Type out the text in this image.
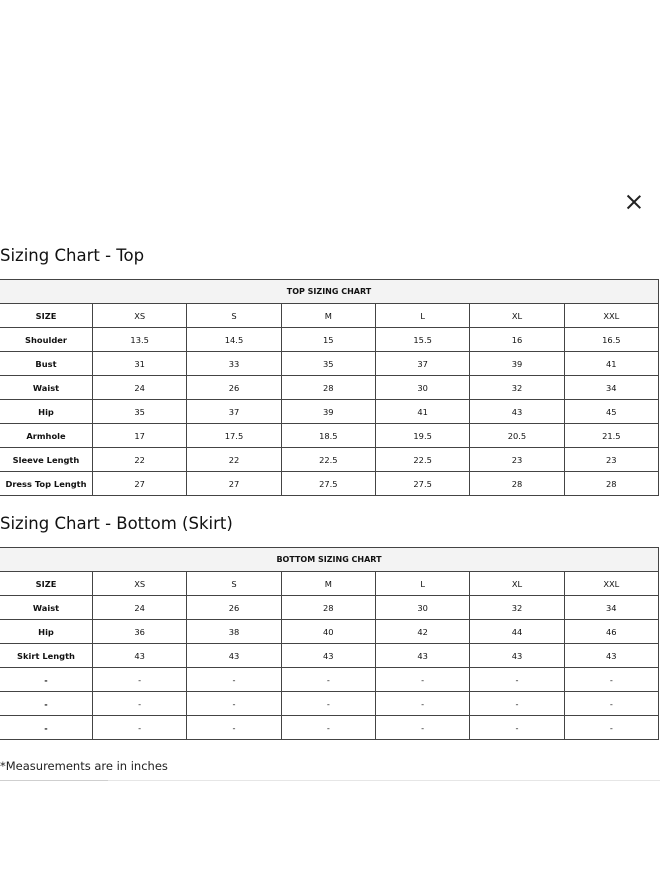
Sizing Chart - Top
TOP SIZING CHART						
SIZE	XS	S	M	L	XL	XXL
Shoulder	13.5	14.5	15	15.5	16	16.5
Bust	31	33	35	37	39	41
Waist	24	26	28	30	32	34
Hip	35	37	39	41	43	45
Armhole	17	17.5	18.5	19.5	20.5	21.5
Sleeve Length	22	22	22.5	22.5	23	23
Dress Top Length	27	27	27.5	27.5	28	28
Sizing Chart - Bottom (Skirt)
BOTTOM SIZING CHART						
SIZE	XS	S	M	L	XL	XXL
Waist	24	26	28	30	32	34
Hip	36	38	40	42	44	46
Skirt Length	43	43	43	43	43	43
-	-	-	-	-	-	-
-	-	-	-	-	-	-
-	-	-	-	-	-	-
*Measurements are in inches
